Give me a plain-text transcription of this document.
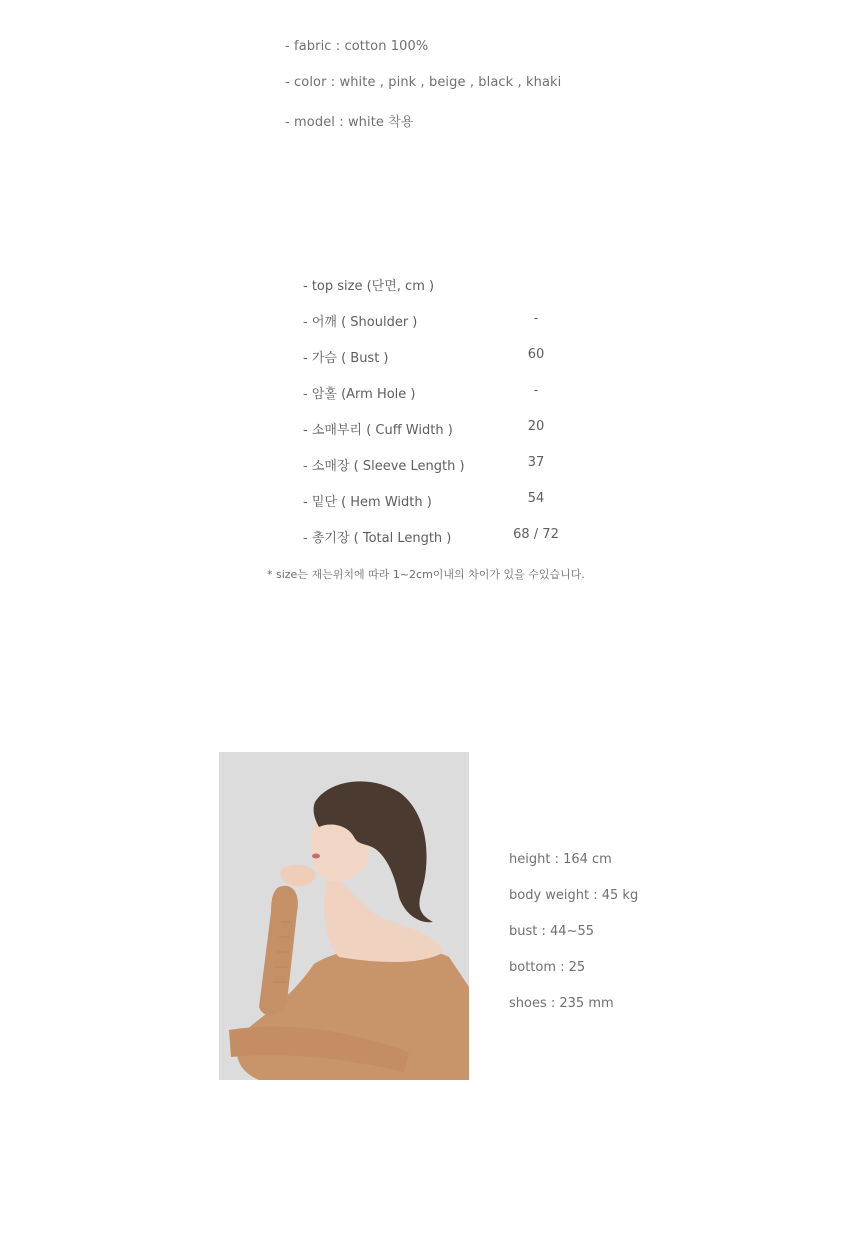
- fabric : cotton 100%
- color : white , pink , beige , black , khaki
- model : white 착용
- top size (단면, cm )
- 어깨 ( Shoulder )	-
- 가슴 ( Bust )	60
- 암홀 (Arm Hole )	-
- 소매부리 ( Cuff Width )	20
- 소매장 ( Sleeve Length )	37
- 밑단 ( Hem Width )	54
- 총기장 ( Total Length )	68 / 72
* size는 재는위치에 따라 1~2cm이내의 차이가 있을 수있습니다.
height : 164 cm
body weight : 45 kg
bust : 44~55
bottom : 25
shoes : 235 mm
